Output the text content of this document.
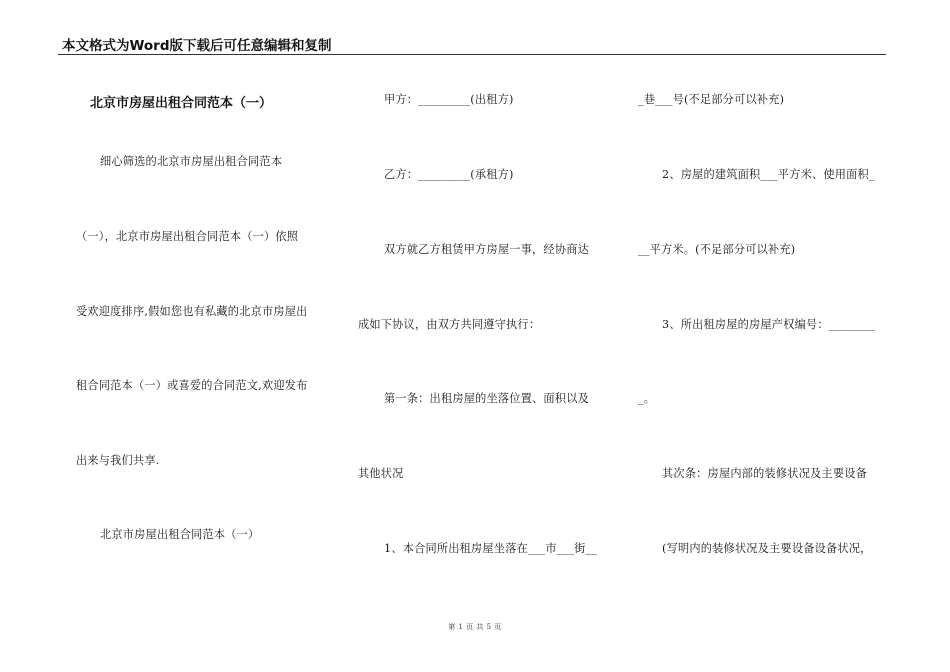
本文格式为Word版下载后可任意编辑和复制
北京市房屋出租合同范本（一）
细心筛选的北京市房屋出租合同范本
（一），北京市房屋出租合同范本（一）依照
受欢迎度排序,假如您也有私藏的北京市房屋出
租合同范本（一）或喜爱的合同范文,欢迎发布
出来与我们共享.
北京市房屋出租合同范本（一）
甲方：_________(出租方)
乙方：_________(承租方)
双方就乙方租赁甲方房屋一事，经协商达
成如下协议，由双方共同遵守执行：
第一条：出租房屋的坐落位置、面积以及
其他状况
1、本合同所出租房屋坐落在___市___街__
_巷___号(不足部分可以补充)
2、房屋的建筑面积___平方米、使用面积_
__平方米。(不足部分可以补充)
3、所出租房屋的房屋产权编号：________
_。
其次条：房屋内部的装修状况及主要设备
(写明内的装修状况及主要设备设备状况，
第 1 页 共 5 页
